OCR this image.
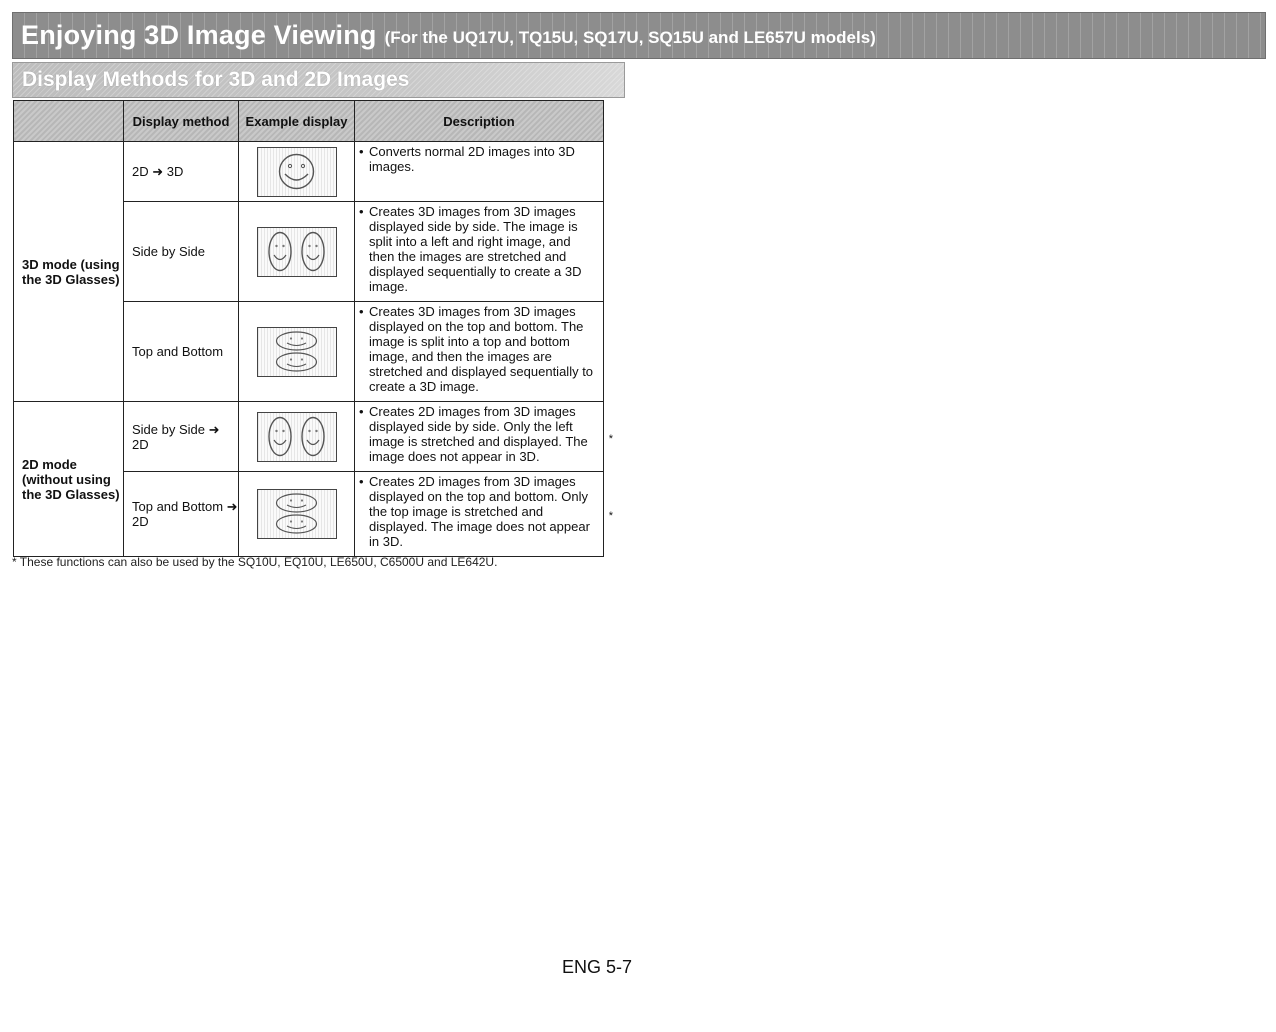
Enjoying 3D Image Viewing (For the UQ17U, TQ15U, SQ17U, SQ15U and LE657U models)
Display Methods for 3D and 2D Images
	Display method	Example display	Description
3D mode (using the 3D Glasses)	2D ➜ 3D		• Converts normal 2D images into 3D images.

	Side by Side		• Creates 3D images from 3D images displayed side by side. The image is split into a left and right image, and then the images are stretched and displayed sequentially to create a 3D image.

	Top and Bottom		• Creates 3D images from 3D images displayed on the top and bottom. The image is split into a top and bottom image, and then the images are stretched and displayed sequentially to create a 3D image.

2D mode (without using the 3D Glasses)	Side by Side ➜ 2D		• Creates 2D images from 3D images displayed side by side. Only the left image is stretched and displayed. The image does not appear in 3D.
*

	Top and Bottom ➜ 2D		• Creates 2D images from 3D images displayed on the top and bottom. Only the top image is stretched and displayed. The image does not appear in 3D.
*
* These functions can also be used by the SQ10U, EQ10U, LE650U, C6500U and LE642U.
ENG 5-7
